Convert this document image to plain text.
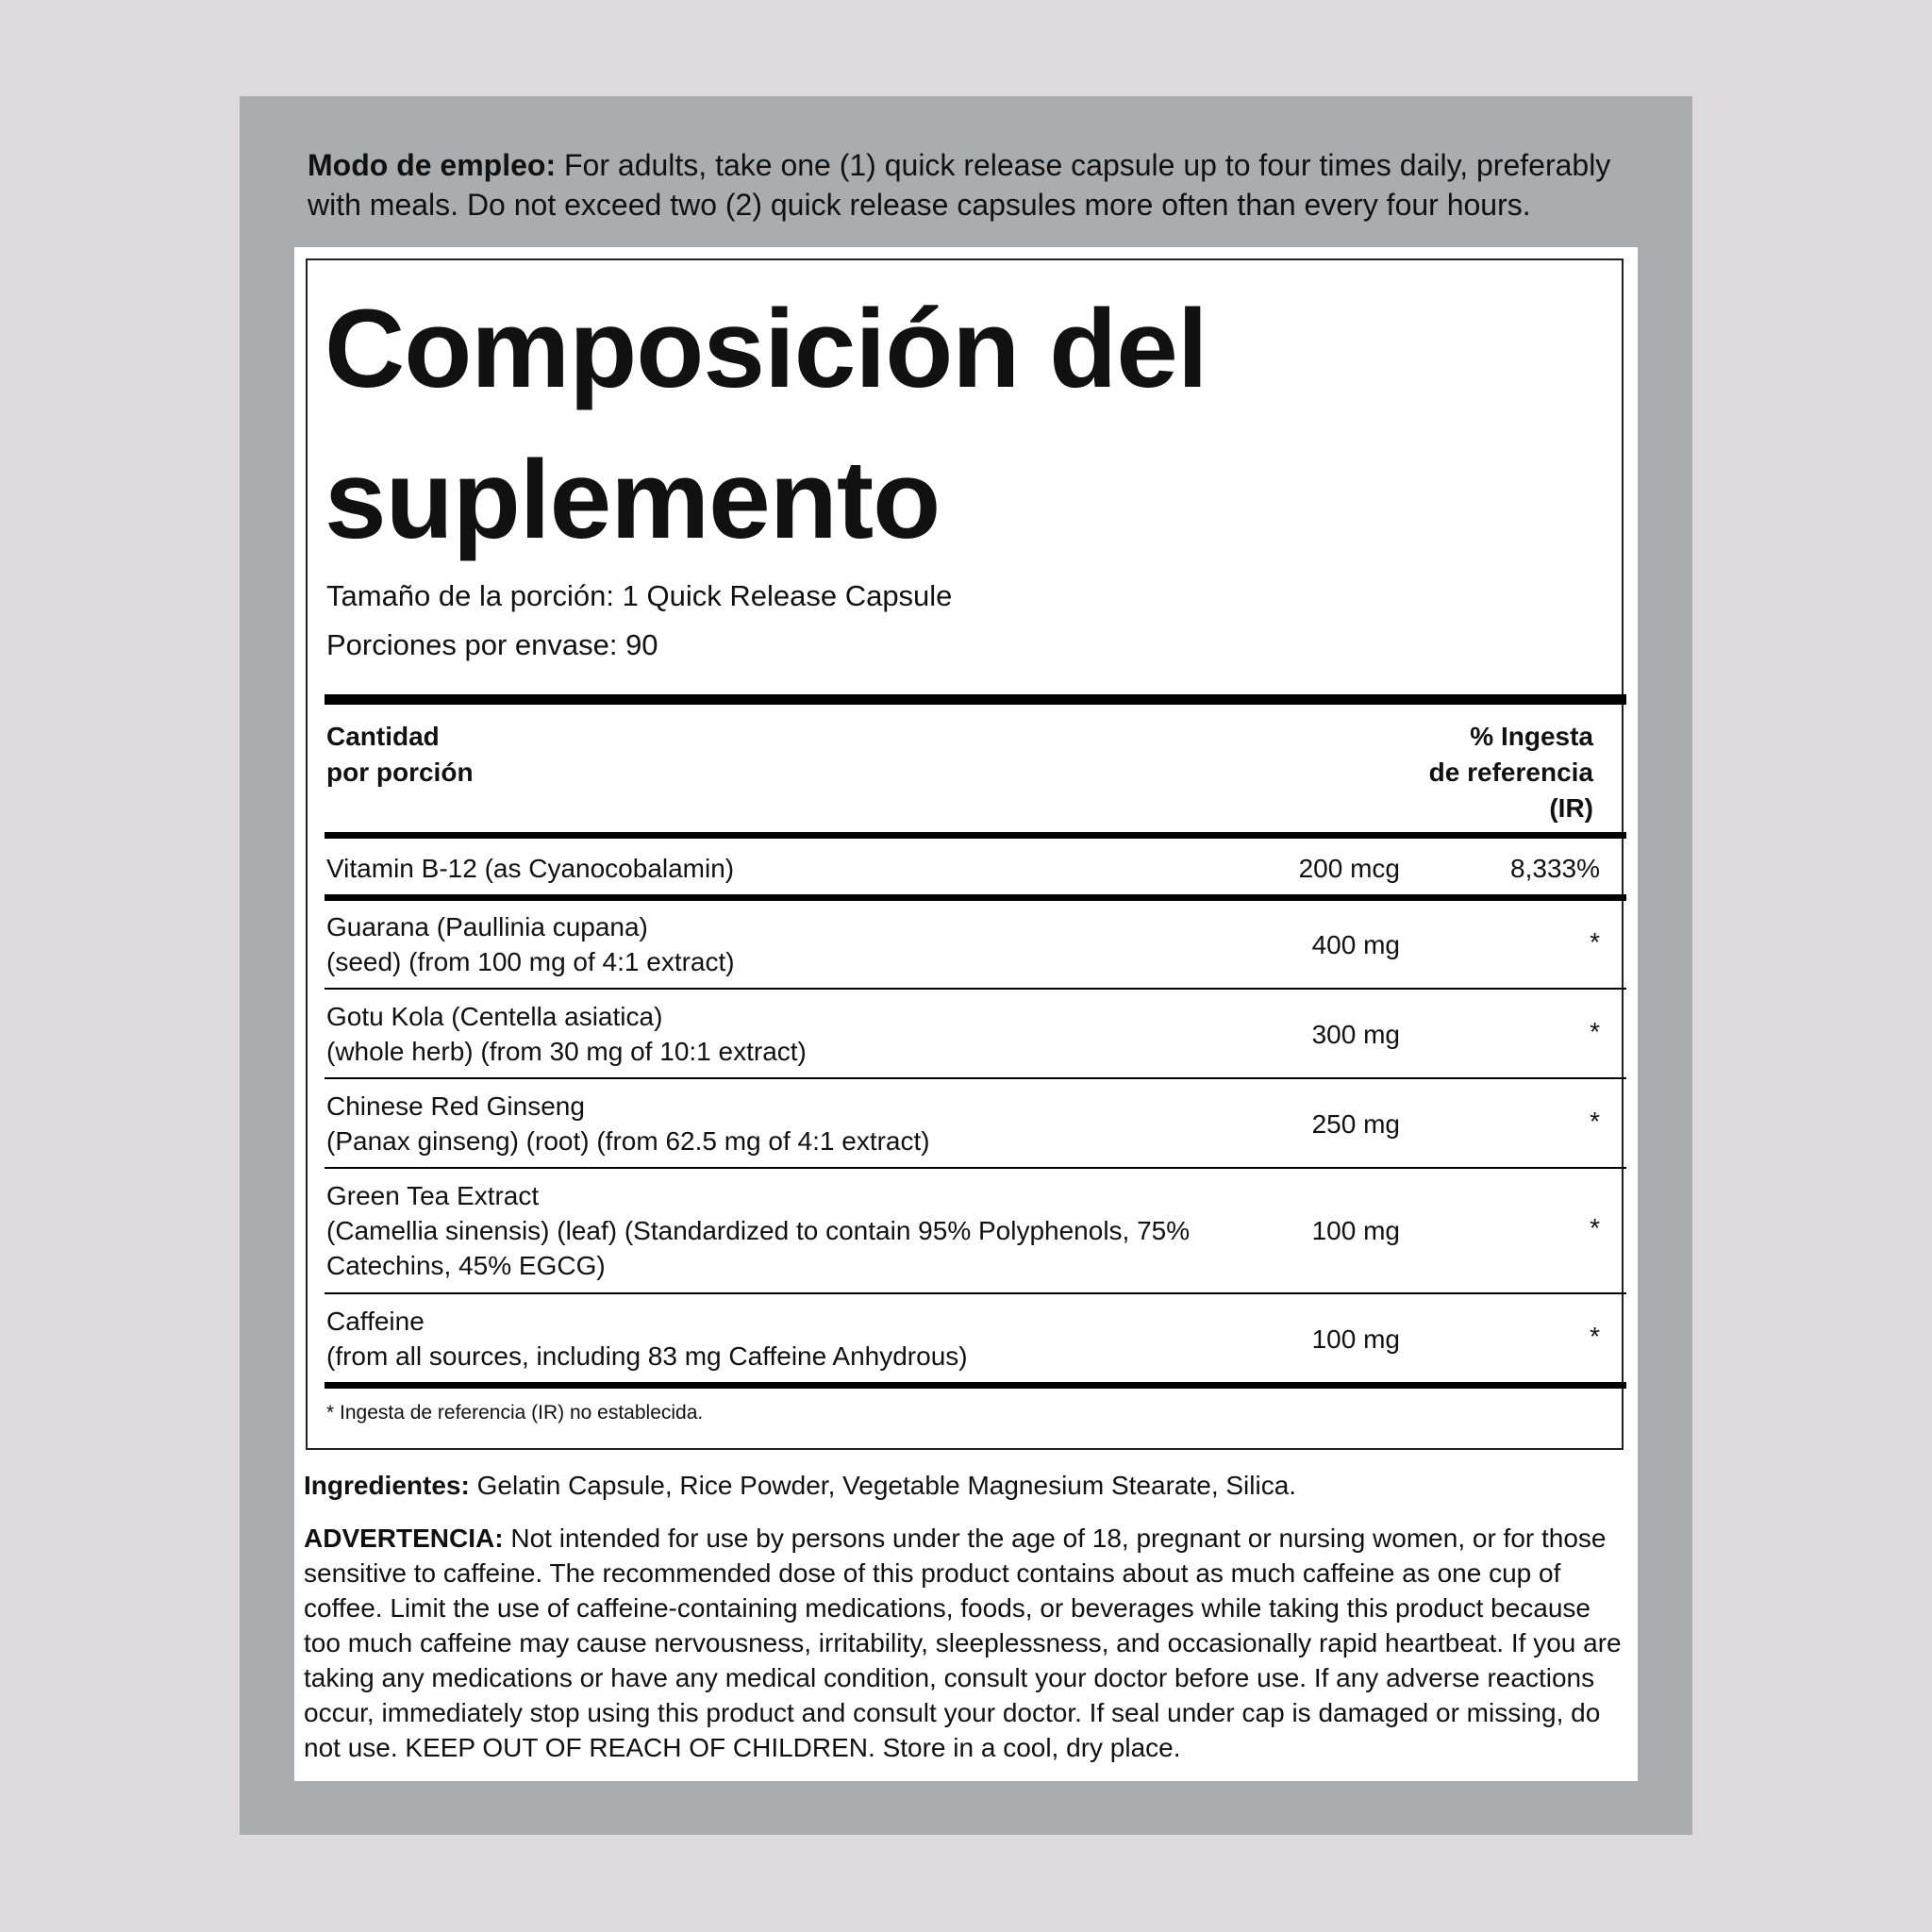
Modo de empleo: For adults, take one (1) quick release capsule up to four times daily, preferably with meals. Do not exceed two (2) quick release capsules more often than every four hours.
Composición del suplemento
Tamaño de la porción: 1 Quick Release Capsule
Porciones por envase: 90
Cantidad
por porción
% Ingesta
de referencia
(IR)
Vitamin B-12 (as Cyanocobalamin)	200 mcg	8,333%
Guarana (Paullinia cupana)
(seed) (from 100 mg of 4:1 extract)
400 mg	*
Gotu Kola (Centella asiatica)
(whole herb) (from 30 mg of 10:1 extract)
300 mg	*
Chinese Red Ginseng
(Panax ginseng) (root) (from 62.5 mg of 4:1 extract)
250 mg	*
Green Tea Extract
(Camellia sinensis) (leaf) (Standardized to contain 95% Polyphenols, 75%
Catechins, 45% EGCG)
100 mg	*
Caffeine
(from all sources, including 83 mg Caffeine Anhydrous)
100 mg	*
* Ingesta de referencia (IR) no establecida.
Ingredientes: Gelatin Capsule, Rice Powder, Vegetable Magnesium Stearate, Silica.
ADVERTENCIA: Not intended for use by persons under the age of 18, pregnant or nursing women, or for those sensitive to caffeine. The recommended dose of this product contains about as much caffeine as one cup of coffee. Limit the use of caffeine-containing medications, foods, or beverages while taking this product because too much caffeine may cause nervousness, irritability, sleeplessness, and occasionally rapid heartbeat. If you are taking any medications or have any medical condition, consult your doctor before use. If any adverse reactions occur, immediately stop using this product and consult your doctor. If seal under cap is damaged or missing, do not use. KEEP OUT OF REACH OF CHILDREN. Store in a cool, dry place.
